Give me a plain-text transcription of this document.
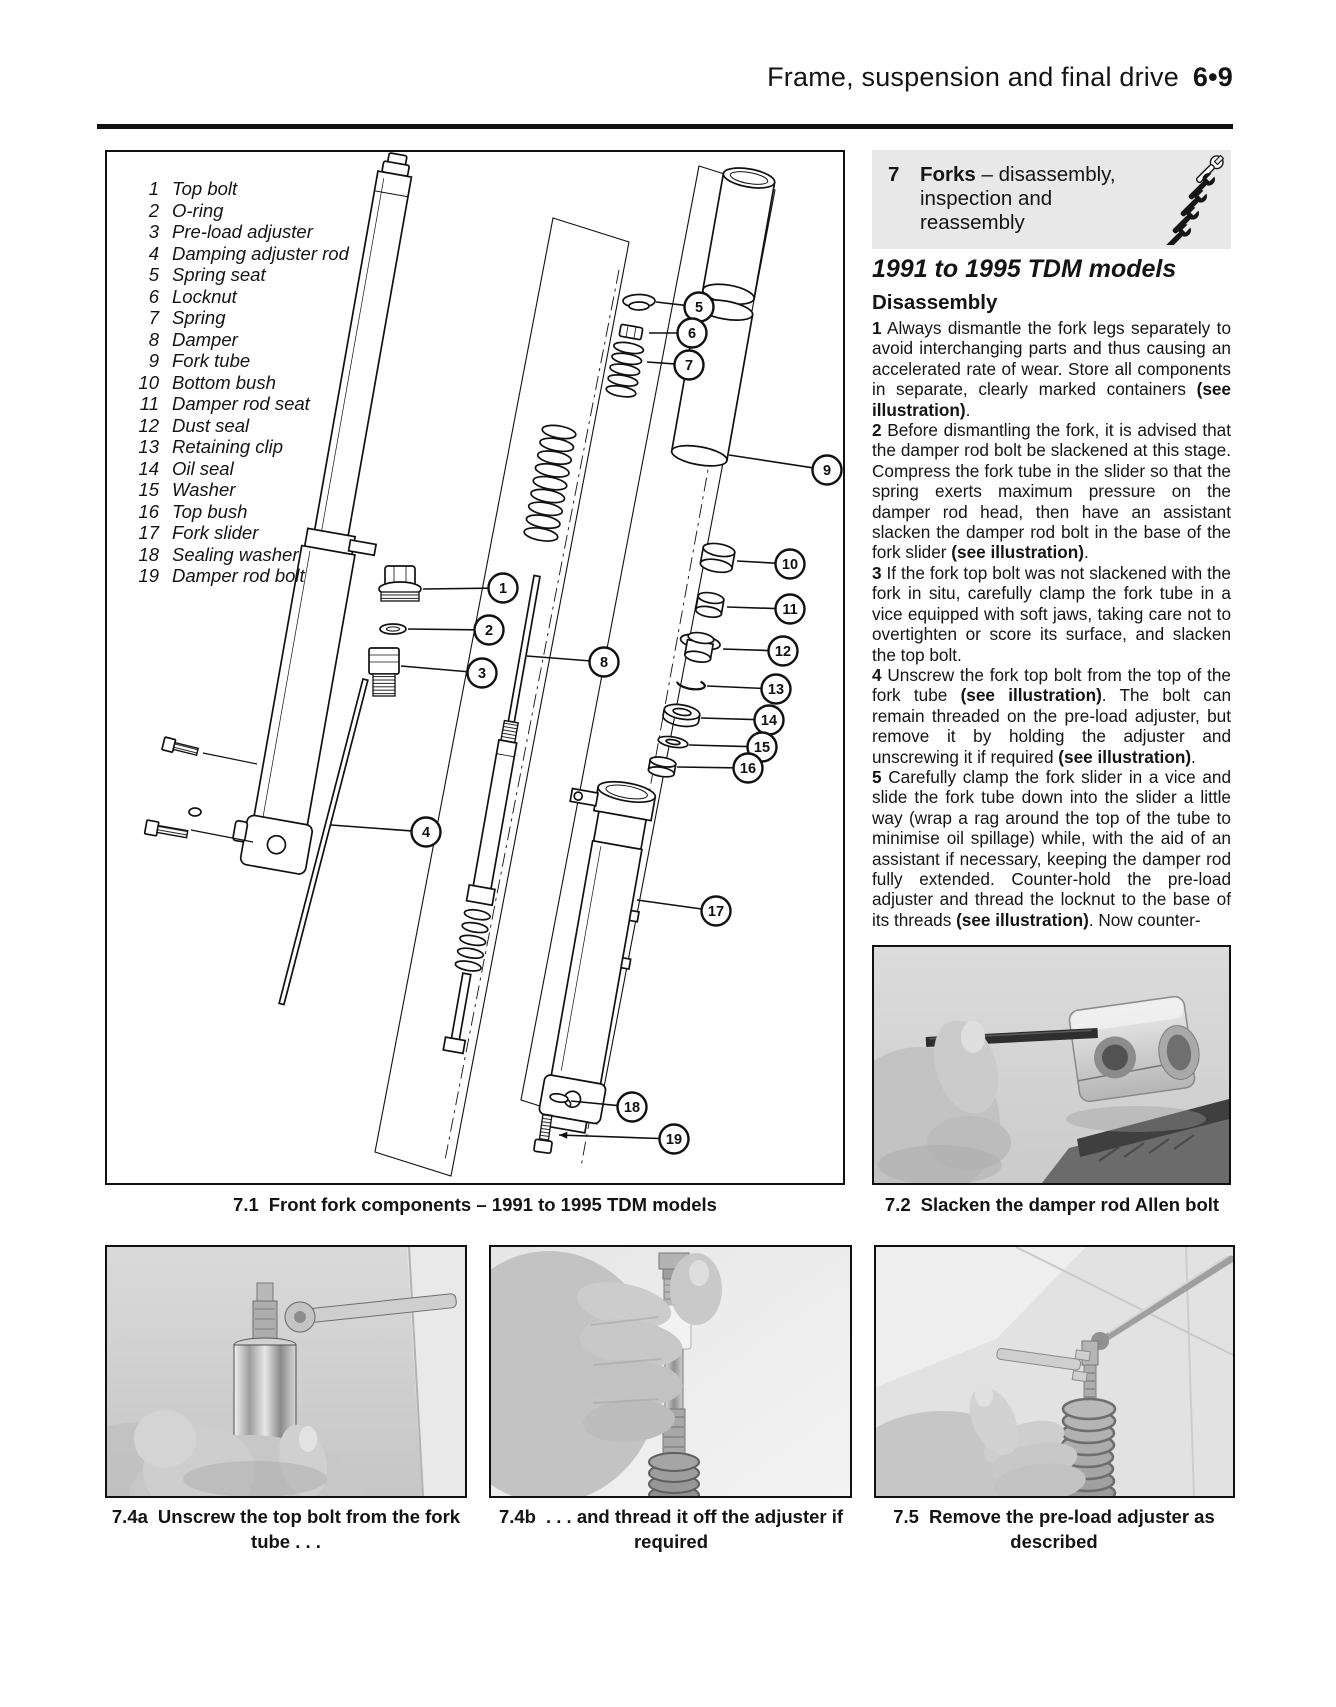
Frame, suspension and final drive 6•9
1
2
3
4
5
6
7
8
9
10
11
12
13
14
15
16
17
18
19
1 Top bolt
2 O-ring
3 Pre-load adjuster
4 Damping adjuster rod
5 Spring seat
6 Locknut
7 Spring
8 Damper
9 Fork tube
10 Bottom bush
11 Damper rod seat
12 Dust seal
13 Retaining clip
14 Oil seal
15 Washer
16 Top bush
17 Fork slider
18 Sealing washer
19 Damper rod bolt
7.1 Front fork components – 1991 to 1995 TDM models
7 Forks – disassembly,
inspection and reassembly
1991 to 1995 TDM models
Disassembly

1 Always dismantle the fork legs separately to avoid interchanging parts and thus causing an accelerated rate of wear. Store all components in separate, clearly marked containers (see illustration).

2 Before dismantling the fork, it is advised that the damper rod bolt be slackened at this stage. Compress the fork tube in the slider so that the spring exerts maximum pressure on the damper rod head, then have an assistant slacken the damper rod bolt in the base of the fork slider (see illustration).

3 If the fork top bolt was not slackened with the fork in situ, carefully clamp the fork tube in a vice equipped with soft jaws, taking care not to overtighten or score its surface, and slacken the top bolt.

4 Unscrew the fork top bolt from the top of the fork tube (see illustration). The bolt can remain threaded on the pre-load adjuster, but remove it by holding the adjuster and unscrewing it if required (see illustration).

5 Carefully clamp the fork slider in a vice and slide the fork tube down into the slider a little way (wrap a rag around the top of the tube to minimise oil spillage) while, with the aid of an assistant if necessary, keeping the damper rod fully extended. Counter-hold the pre-load adjuster and thread the locknut to the base of its threads (see illustration). Now counter-

7.2 Slacken the damper rod Allen bolt
7.4a Unscrew the top bolt from the fork tube . . .
7.4b . . . and thread it off the adjuster if required
7.5 Remove the pre-load adjuster as described
